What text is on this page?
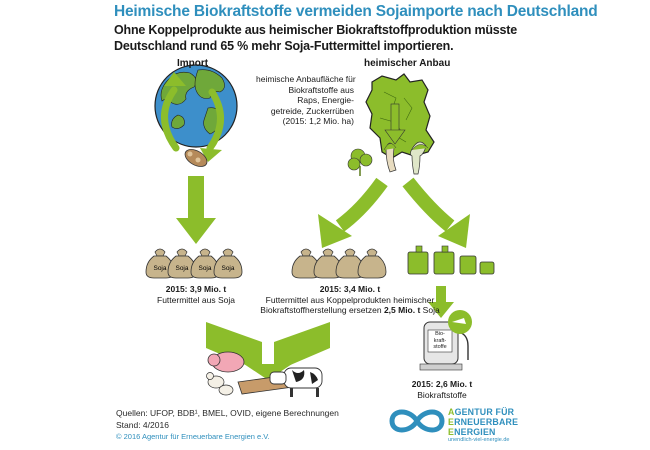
Soja Soja Soja Soja
Heimische Biokraftstoffe vermeiden Sojaimporte nach Deutschland
Ohne Koppelprodukte aus heimischer Biokraftstoffproduktion müsste
Deutschland rund 65 % mehr Soja-Futtermittel importieren.
Import	heimischer Anbau
heimische Anbaufläche für
Biokraftstoffe aus
Raps, Energie-
getreide, Zuckerrüben
(2015: 1,2 Mio. ha)
2015: 3,9 Mio. t
Futtermittel aus Soja
2015: 3,4 Mio. t
Futtermittel aus Koppelprodukten heimischer
Biokraftstoffherstellung ersetzen 2,5 Mio. t Soja
2015: 2,6 Mio. t
Biokraftstoffe
Bio-
kraft-
stoffe
Quellen: UFOP, BDB¹, BMEL, OVID, eigene Berechnungen
Stand: 4/2016
© 2016 Agentur für Erneuerbare Energien e.V.
AGENTUR FÜR
ERNEUERBARE
ENERGIEN
unendlich-viel-energie.de
